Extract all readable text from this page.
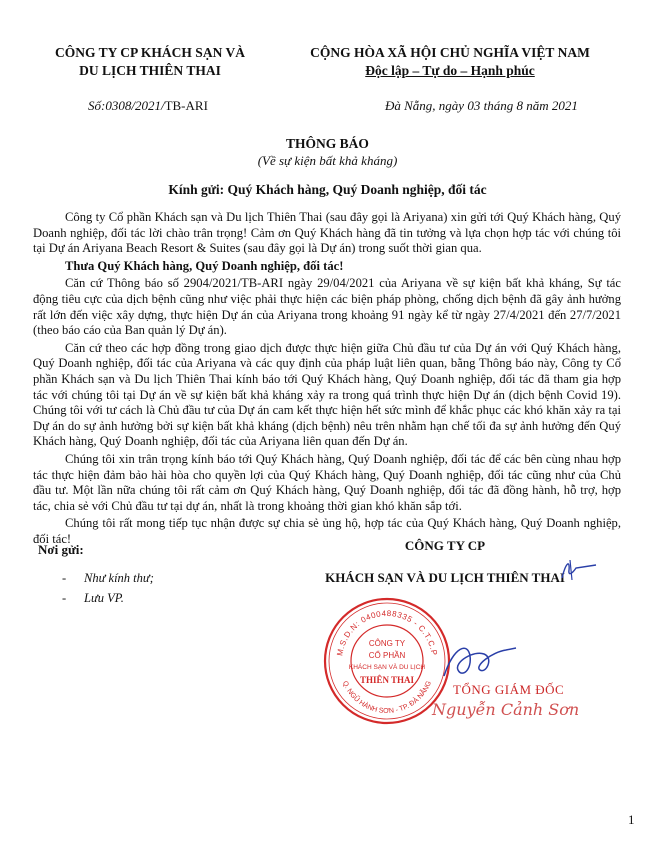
CÔNG TY CP KHÁCH SẠN VÀ
DU LỊCH THIÊN THAI
CỘNG HÒA XÃ HỘI CHỦ NGHĨA VIỆT NAM
Độc lập – Tự do – Hạnh phúc
Số:0308/2021/TB-ARI	Đà Nẵng, ngày 03 tháng 8 năm 2021
THÔNG BÁO
(Về sự kiện bất khả kháng)
Kính gửi: Quý Khách hàng, Quý Doanh nghiệp, đối tác

Công ty Cổ phần Khách sạn và Du lịch Thiên Thai (sau đây gọi là Ariyana) xin gửi tới Quý Khách hàng, Quý Doanh nghiệp, đối tác lời chào trân trọng! Cảm ơn Quý Khách hàng đã tin tưởng và lựa chọn hợp tác với chúng tôi tại Dự án Ariyana Beach Resort & Suites (sau đây gọi là Dự án) trong suốt thời gian qua.

Thưa Quý Khách hàng, Quý Doanh nghiệp, đối tác!

Căn cứ Thông báo số 2904/2021/TB-ARI ngày 29/04/2021 của Ariyana về sự kiện bất khả kháng, Sự tác động tiêu cực của dịch bệnh cũng như việc phải thực hiện các biện pháp phòng, chống dịch bệnh đã gây ảnh hưởng rất lớn đến việc xây dựng, thực hiện Dự án của Ariyana trong khoảng 91 ngày kể từ ngày 27/4/2021 đến 27/7/2021 (theo báo cáo của Ban quản lý Dự án).

Căn cứ theo các hợp đồng trong giao dịch được thực hiện giữa Chủ đầu tư của Dự án với Quý Khách hàng, Quý Doanh nghiệp, đối tác của Ariyana và các quy định của pháp luật liên quan, bằng Thông báo này, Công ty Cổ phần Khách sạn và Du lịch Thiên Thai kính báo tới Quý Khách hàng, Quý Doanh nghiệp, đối tác đã tham gia hợp tác với chúng tôi tại Dự án về sự kiện bất khả kháng xảy ra trong quá trình thực hiện Dự án (dịch bệnh Covid 19). Chúng tôi với tư cách là Chủ đầu tư của Dự án cam kết thực hiện hết sức mình để khắc phục các khó khăn xảy ra tại Dự án do sự ảnh hưởng bởi sự kiện bất khả kháng (dịch bệnh) nêu trên nhằm hạn chế tối đa sự ảnh hưởng đến Quý Khách hàng, Quý Doanh nghiệp, đối tác của Ariyana liên quan đến Dự án.

Chúng tôi xin trân trọng kính báo tới Quý Khách hàng, Quý Doanh nghiệp, đối tác để các bên cùng nhau hợp tác thực hiện đảm bảo hài hòa cho quyền lợi của Quý Khách hàng, Quý Doanh nghiệp, đối tác cũng như của Chủ đầu tư. Một lần nữa chúng tôi rất cảm ơn Quý Khách hàng, Quý Doanh nghiệp, đối tác đã đồng hành, hỗ trợ, hợp tác, chia sẻ với Chủ đầu tư tại dự án, nhất là trong khoảng thời gian khó khăn sắp tới.

Chúng tôi rất mong tiếp tục nhận được sự chia sẻ ủng hộ, hợp tác của Quý Khách hàng, Quý Doanh nghiệp, đối tác!

Nơi gửi:
- Như kính thư;
- Lưu VP.
CÔNG TY CP
KHÁCH SẠN VÀ DU LỊCH THIÊN THAI
M.S.D.N: 0400488335 - C.T.C.P
Q. NGŨ HÀNH SƠN - TP. ĐÀ NẴNG
CÔNG TY
CỔ PHẦN
KHÁCH SẠN VÀ DU LỊCH
THIÊN THAI
TỔNG GIÁM ĐỐC
Nguyễn Cảnh Sơn
1
